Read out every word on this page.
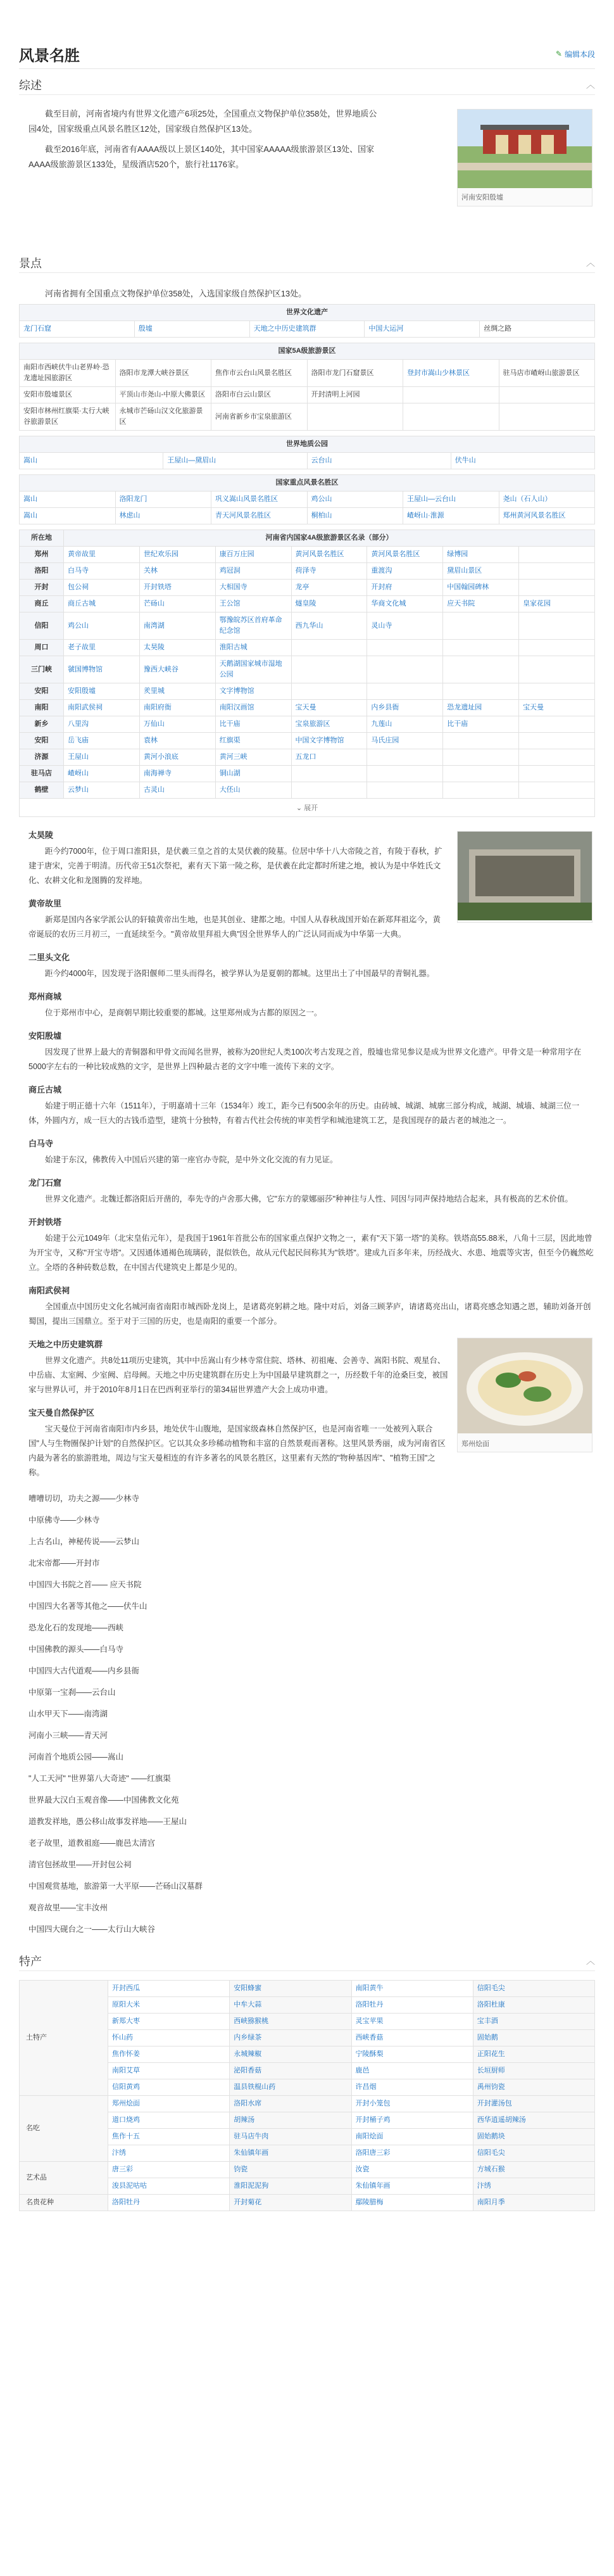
风景名胜	✎ 编辑本段
综述	︿

截至目前，河南省境内有世界文化遗产6项25处，全国重点文物保护单位358处，世界地质公园4处，国家级重点风景名胜区12处，国家级自然保护区13处。

截至2016年底，河南省有AAAA级以上景区140处，其中国家AAAAA级旅游景区13处、国家AAAA级旅游景区133处，星级酒店520个，旅行社1176家。

河南安阳殷墟
景点	︿
河南省拥有全国重点文物保护单位358处，入选国家级自然保护区13处。
世界文化遗产
龙门石窟	殷墟	天地之中历史建筑群	中国大运河	丝绸之路
国家5A级旅游景区					
南阳市西峡伏牛山老界岭·恐龙遗址园旅游区	洛阳市龙潭大峡谷景区	焦作市云台山风景名胜区	洛阳市龙门石窟景区	登封市嵩山少林景区	驻马店市嵖岈山旅游景区
安阳市殷墟景区	平顶山市尧山-中原大佛景区	洛阳市白云山景区	开封清明上河园		
安阳市林州红旗渠·太行大峡谷旅游景区	永城市芒砀山汉文化旅游景区	河南省新乡市宝泉旅游区			
世界地质公园
嵩山	王屋山—黛眉山	云台山	伏牛山
国家重点风景名胜区					
嵩山	洛阳龙门	巩义嵩山风景名胜区	鸡公山	王屋山—云台山	尧山（石人山）
嵩山	林虑山	青天河风景名胜区	桐柏山	嵖岈山·淮源	郑州黄河风景名胜区
所在地	河南省内国家4A级旅游景区名录（部分）						
郑州	黄帝故里	世纪欢乐园	康百万庄园	黄河风景名胜区	黄河风景名胜区	绿博园	
洛阳	白马寺	关林	鸡冠洞	荷泽寺	重渡沟	黛眉山景区	
开封	包公祠	开封铁塔	大相国寺	龙亭	开封府	中国翰园碑林	
商丘	商丘古城	芒砀山	王公馆	燧皇陵	华商文化城	应天书院	皇家花园
信阳	鸡公山	南湾湖	鄂豫皖苏区首府革命纪念馆	西九华山	灵山寺		
周口	老子故里	太昊陵	淮阳古城				
三门峡	虢国博物馆	豫西大峡谷	天鹅湖国家城市湿地公园				
安阳	安阳殷墟	羑里城	文字博物馆				
南阳	南阳武侯祠	南阳府衙	南阳汉画馆	宝天曼	内乡县衙	恐龙遗址园	宝天曼
新乡	八里沟	万仙山	比干庙	宝泉旅游区	九莲山	比干庙	
安阳	岳飞庙	袁林	红旗渠	中国文字博物馆	马氏庄园		
济源	王屋山	黄河小浪底	黄河三峡	五龙口			
驻马店	嵖岈山	南海禅寺	铜山湖				
鹤壁	云梦山	古灵山	大伾山				
⌄ 展开
太昊陵

距今约7000年，位于周口淮阳县，是伏羲三皇之首的太昊伏羲的陵墓。位居中华十八大帝陵之首，有陵于春秋，扩建于唐宋，完善于明清。历代帝王51次祭祀，素有天下第一陵之称，是伏羲在此定都时所建之地，被认为是中华姓氏文化、农耕文化和龙图腾的发祥地。

黄帝故里

新郑是国内各家学派公认的轩辕黄帝出生地，也是其创业、建都之地。中国人从春秋战国开始在新郑拜祖迄今，黄帝诞辰的农历三月初三，一直延续至今。"黄帝故里拜祖大典"因全世界华人的广泛认同而成为中华第一大典。

二里头文化

距今约4000年，因发现于洛阳偃师二里头而得名，被学界认为是夏朝的都城。这里出土了中国最早的青铜礼器。

郑州商城

位于郑州市中心，是商朝早期比较重要的都城。这里郑州成为古都的原因之一。

安阳殷墟

因发现了世界上最大的青铜器和甲骨文而闻名世界，被称为20世纪人类100次考古发现之首，殷墟也常见参议是成为世界文化遗产。甲骨文是一种常用字在5000字左右的一种比较成熟的文字，是世界上四种最古老的文字中唯一流传下来的文字。

商丘古城

始建于明正德十六年（1511年），于明嘉靖十三年（1534年）竣工，距今已有500余年的历史。由砖城、城湖、城廓三部分构成，城湖、城墙、城湖三位一体，外圆内方，成一巨大的古钱币造型，建筑十分独特，有着古代社会传统的审美哲学和城池建筑工艺，是我国现存的最古老的城池之一。

白马寺

始建于东汉，佛教传入中国后兴建的第一座官办寺院，是中外文化交流的有力见证。

龙门石窟

世界文化遗产。北魏迁都洛阳后开凿的，奉先寺的卢舍那大佛，它"东方的蒙娜丽莎"种神往与人性、同因与同声保持地结合起来，具有极高的艺术价值。

开封铁塔

始建于公元1049年（北宋皇佑元年），是我国于1961年首批公布的国家重点保护文物之一，素有"天下第一塔"的美称。铁塔高55.88米，八角十三层，因此地曾为开宝寺，又称"开宝寺塔"。又因通体通褐色琉璃砖，混似铁色，故从元代起民间称其为"铁塔"。建成九百多年来，历经战火、水患、地震等灾害，但至今仍巍然屹立。全塔的各种砖数总数，在中国古代建筑史上都是少见的。

南阳武侯祠

全国重点中国历史文化名城河南省南阳市城西卧龙岗上，是诸葛亮躬耕之地。隆中对后，刘备三顾茅庐，请诸葛亮出山，诸葛亮感念知遇之恩，辅助刘备开创蜀国，提出三国鼎立。至于对于三国的历史，也是南阳的重要一个部分。

郑州烩面
天地之中历史建筑群

世界文化遗产。共8处11项历史建筑，其中中岳嵩山有少林寺常住院、塔林、初祖庵、会善寺、嵩阳书院、观星台、中岳庙、太室阙、少室阙、启母阙。天地之中历史建筑群在历史上为中国最早建筑群之一，历经数千年的沧桑巨变，被国家与世界认可，并于2010年8月1日在巴西利亚举行的第34届世界遗产大会上成功申遗。

宝天曼自然保护区

宝天曼位于河南省南阳市内乡县，地处伏牛山腹地，是国家级森林自然保护区，也是河南省唯一一处被列入联合国"人与生物圈保护计划"的自然保护区。它以其众多珍稀动植物和丰富的自然景观而著称。这里风景秀丽，成为河南省区内最为著名的旅游胜地，周边与宝天曼相连的有许多著名的风景名胜区，这里素有天然的"物种基因库"、"植物王国"之称。

嘈嘈切切，功夫之源——少林寺
中原佛寺——少林寺
上古名山，神秘传说——云梦山
北宋帝都——开封市
中国四大书院之首—— 应天书院
中国四大名著等其他之——伏牛山
恐龙化石的发现地——西峡
中国佛教的源头——白马寺
中国四大古代道观——内乡县衙
中原第一宝刹——云台山
山水甲天下——南湾湖
河南小三峡——青天河
河南首个地质公园——嵩山
"人工天河" "世界第八大奇迹" ——红旗渠
世界最大汉白玉观音像——中国佛教文化苑
道教发祥地，愚公移山故事发祥地——王屋山
老子故里，道教祖庭——鹿邑太清宫
清官包拯故里——开封包公祠
中国观赏基地，旅游第一大平原——芒砀山汉墓群
观音故里——宝丰汝州
中国四大砚台之一——太行山大峡谷
特产	︿
土特产	开封西瓜	安阳蜂蜜	南阳黄牛	信阳毛尖
	原阳大米	中牟大蒜	洛阳牡丹	洛阳杜康
	新郑大枣	西峡猕猴桃	灵宝苹果	宝丰酒
	怀山药	内乡绿茶	西峡香菇	固始鹅
	焦作怀姜	永城辣椒	宁陵酥梨	正阳花生
	南阳艾草	泌阳香菇	鹿邑	长垣厨师
	信阳黄鸡	温县铁棍山药	许昌烟	禹州钧瓷
名吃	郑州烩面	洛阳水席	开封小笼包	开封灌汤包
	道口烧鸡	胡辣汤	开封桶子鸡	西华逍遥胡辣汤
	焦作十五	驻马店牛肉	南阳烩面	固始鹅块
	汴绣	朱仙镇年画	洛阳唐三彩	信阳毛尖
艺术品	唐三彩	钧瓷	汝瓷	方城石猴
	浚县泥咕咕	淮阳泥泥狗	朱仙镇年画	汴绣
名贵花种	洛阳牡丹	开封菊花	鄢陵腊梅	南阳月季
